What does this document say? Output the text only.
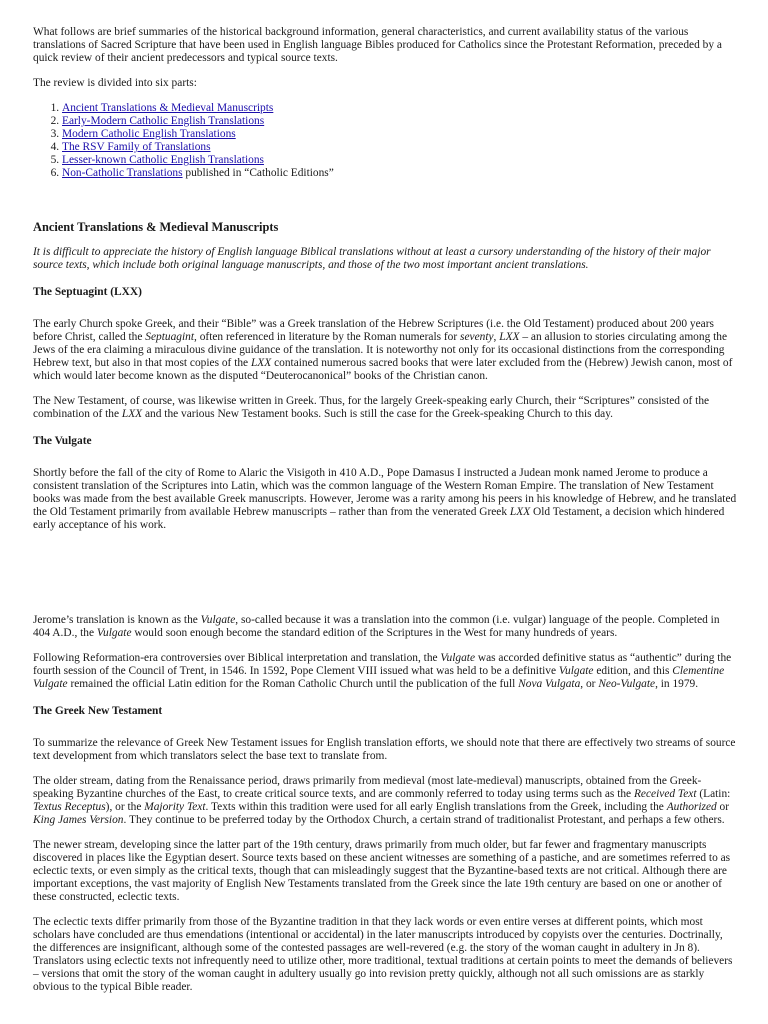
What follows are brief summaries of the historical background information, general characteristics, and current availability status of the various translations of Sacred Scripture that have been used in English language Bibles produced for Catholics since the Protestant Reformation, preceded by a quick review of their ancient predecessors and typical source texts.

The review is divided into six parts:

1. Ancient Translations & Medieval Manuscripts
2. Early-Modern Catholic English Translations
3. Modern Catholic English Translations
4. The RSV Family of Translations
5. Lesser-known Catholic English Translations
6. Non-Catholic Translations published in “Catholic Editions”
Ancient Translations & Medieval Manuscripts

It is difficult to appreciate the history of English language Biblical translations without at least a cursory understanding of the history of their major source texts, which include both original language manuscripts, and those of the two most important ancient translations.

The Septuagint (LXX)

The early Church spoke Greek, and their “Bible” was a Greek translation of the Hebrew Scriptures (i.e. the Old Testament) produced about 200 years before Christ, called the Septuagint, often referenced in literature by the Roman numerals for seventy, LXX – an allusion to stories circulating among the Jews of the era claiming a miraculous divine guidance of the translation. It is noteworthy not only for its occasional distinctions from the corresponding Hebrew text, but also in that most copies of the LXX contained numerous sacred books that were later excluded from the (Hebrew) Jewish canon, most of which would later become known as the disputed “Deuterocanonical” books of the Christian canon.

The New Testament, of course, was likewise written in Greek. Thus, for the largely Greek-speaking early Church, their “Scriptures” consisted of the combination of the LXX and the various New Testament books. Such is still the case for the Greek-speaking Church to this day.

The Vulgate

Shortly before the fall of the city of Rome to Alaric the Visigoth in 410 A.D., Pope Damasus I instructed a Judean monk named Jerome to produce a consistent translation of the Scriptures into Latin, which was the common language of the Western Roman Empire. The translation of New Testament books was made from the best available Greek manuscripts. However, Jerome was a rarity among his peers in his knowledge of Hebrew, and he translated the Old Testament primarily from available Hebrew manuscripts – rather than from the venerated Greek LXX Old Testament, a decision which hindered early acceptance of his work.

Jerome’s translation is known as the Vulgate, so-called because it was a translation into the common (i.e. vulgar) language of the people. Completed in 404 A.D., the Vulgate would soon enough become the standard edition of the Scriptures in the West for many hundreds of years.

Following Reformation-era controversies over Biblical interpretation and translation, the Vulgate was accorded definitive status as “authentic” during the fourth session of the Council of Trent, in 1546. In 1592, Pope Clement VIII issued what was held to be a definitive Vulgate edition, and this Clementine Vulgate remained the official Latin edition for the Roman Catholic Church until the publication of the full Nova Vulgata, or Neo-Vulgate, in 1979.

The Greek New Testament

To summarize the relevance of Greek New Testament issues for English translation efforts, we should note that there are effectively two streams of source text development from which translators select the base text to translate from.

The older stream, dating from the Renaissance period, draws primarily from medieval (most late-medieval) manuscripts, obtained from the Greek-speaking Byzantine churches of the East, to create critical source texts, and are commonly referred to today using terms such as the Received Text (Latin: Textus Receptus), or the Majority Text. Texts within this tradition were used for all early English translations from the Greek, including the Authorized or King James Version. They continue to be preferred today by the Orthodox Church, a certain strand of traditionalist Protestant, and perhaps a few others.

The newer stream, developing since the latter part of the 19th century, draws primarily from much older, but far fewer and fragmentary manuscripts discovered in places like the Egyptian desert. Source texts based on these ancient witnesses are something of a pastiche, and are sometimes referred to as eclectic texts, or even simply as the critical texts, though that can misleadingly suggest that the Byzantine-based texts are not critical. Although there are important exceptions, the vast majority of English New Testaments translated from the Greek since the late 19th century are based on one or another of these constructed, eclectic texts.

The eclectic texts differ primarily from those of the Byzantine tradition in that they lack words or even entire verses at different points, which most scholars have concluded are thus emendations (intentional or accidental) in the later manuscripts introduced by copyists over the centuries. Doctrinally, the differences are insignificant, although some of the contested passages are well-revered (e.g. the story of the woman caught in adultery in Jn 8). Translators using eclectic texts not infrequently need to utilize other, more traditional, textual traditions at certain points to meet the demands of believers – versions that omit the story of the woman caught in adultery usually go into revision pretty quickly, although not all such omissions are as starkly obvious to the typical Bible reader.
